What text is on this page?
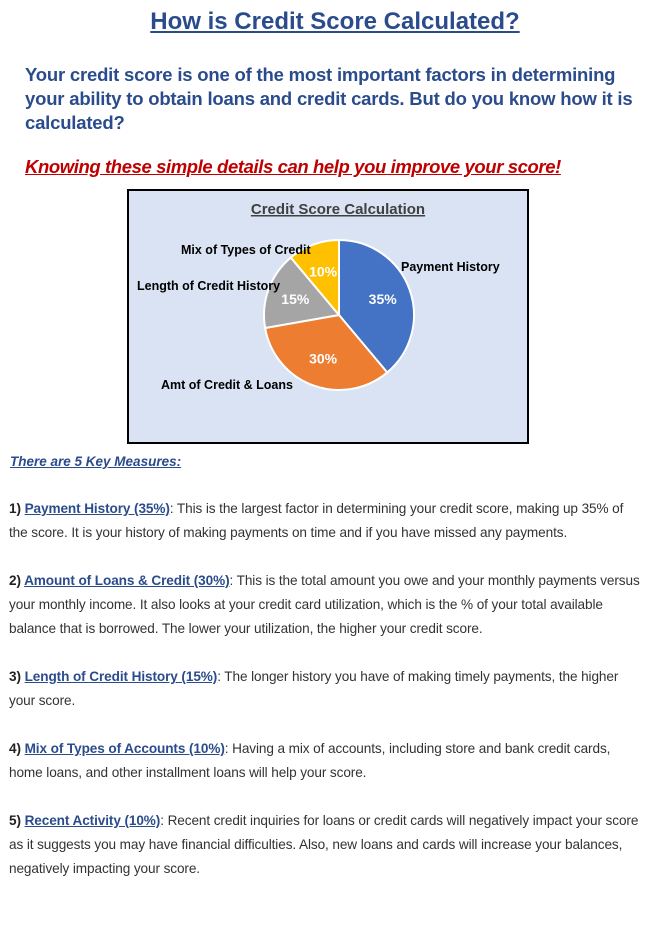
How is Credit Score Calculated?
Your credit score is one of the most important factors in determining your ability to obtain loans and credit cards. But do you know how it is calculated?
Knowing these simple details can help you improve your score!
Credit Score Calculation
35%
30%
15%
10%	Payment History
Amt of Credit & Loans
Length of Credit History
Mix of Types of Credit
There are 5 Key Measures:
1) Payment History (35%): This is the largest factor in determining your credit score, making up 35% of the score. It is your history of making payments on time and if you have missed any payments.
2) Amount of Loans & Credit (30%): This is the total amount you owe and your monthly payments versus your monthly income. It also looks at your credit card utilization, which is the % of your total available balance that is borrowed. The lower your utilization, the higher your credit score.
3) Length of Credit History (15%): The longer history you have of making timely payments, the higher your score.
4) Mix of Types of Accounts (10%): Having a mix of accounts, including store and bank credit cards, home loans, and other installment loans will help your score.
5) Recent Activity (10%): Recent credit inquiries for loans or credit cards will negatively impact your score as it suggests you may have financial difficulties. Also, new loans and cards will increase your balances, negatively impacting your score.
